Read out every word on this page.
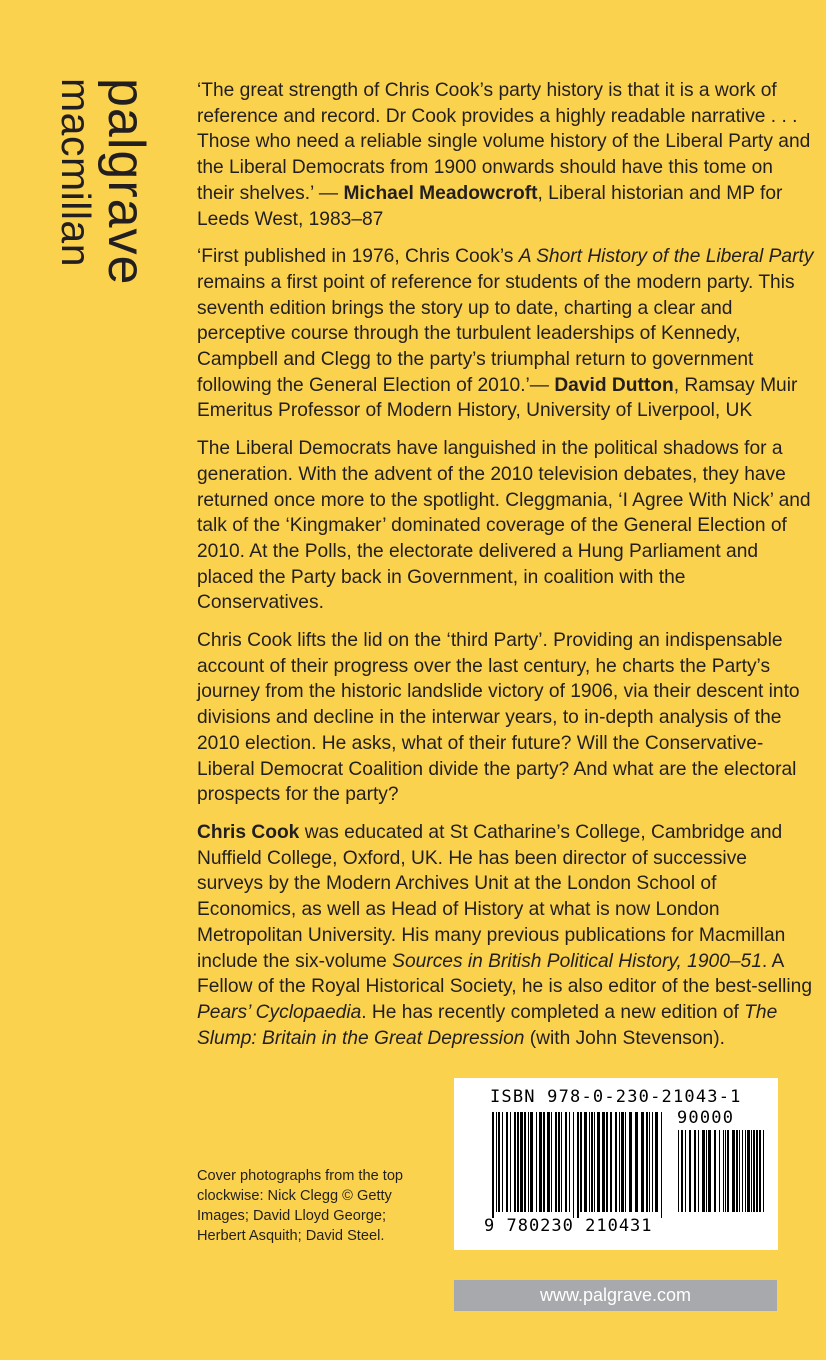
palgrave
macmillan	‘The great strength of Chris Cook’s party history is that it is a work of reference and record. Dr Cook provides a highly readable narrative . . . Those who need a reliable single volume history of the Liberal Party and the Liberal Democrats from 1900 onwards should have this tome on their shelves.’ — Michael Meadowcroft, Liberal historian and MP for Leeds West, 1983–87

‘First published in 1976, Chris Cook’s A Short History of the Liberal Party remains a first point of reference for students of the modern party. This seventh edition brings the story up to date, charting a clear and perceptive course through the turbulent leaderships of Kennedy, Campbell and Clegg to the party’s triumphal return to government following the General Election of 2010.’— David Dutton, Ramsay Muir Emeritus Professor of Modern History, University of Liverpool, UK

The Liberal Democrats have languished in the political shadows for a generation. With the advent of the 2010 television debates, they have returned once more to the spotlight. Cleggmania, ‘I Agree With Nick’ and talk of the ‘Kingmaker’ dominated coverage of the General Election of 2010. At the Polls, the electorate delivered a Hung Parliament and placed the Party back in Government, in coalition with the Conservatives.

Chris Cook lifts the lid on the ‘third Party’. Providing an indispensable account of their progress over the last century, he charts the Party’s journey from the historic landslide victory of 1906, via their descent into divisions and decline in the interwar years, to in-depth analysis of the 2010 election. He asks, what of their future? Will the Conservative-Liberal Democrat Coalition divide the party? And what are the electoral prospects for the party?

Chris Cook was educated at St Catharine’s College, Cambridge and Nuffield College, Oxford, UK. He has been director of successive surveys by the Modern Archives Unit at the London School of Economics, as well as Head of History at what is now London Metropolitan University. His many previous publications for Macmillan include the six-volume Sources in British Political History, 1900–51. A Fellow of the Royal Historical Society, he is also editor of the best-selling Pears’ Cyclopaedia. He has recently completed a new edition of The Slump: Britain in the Great Depression (with John Stevenson).

Cover photographs from the top clockwise: Nick Clegg © Getty Images; David Lloyd George; Herbert Asquith; David Steel.
ISBN 978-0-230-21043-1
90000
9 780230 210431
www.palgrave.com
